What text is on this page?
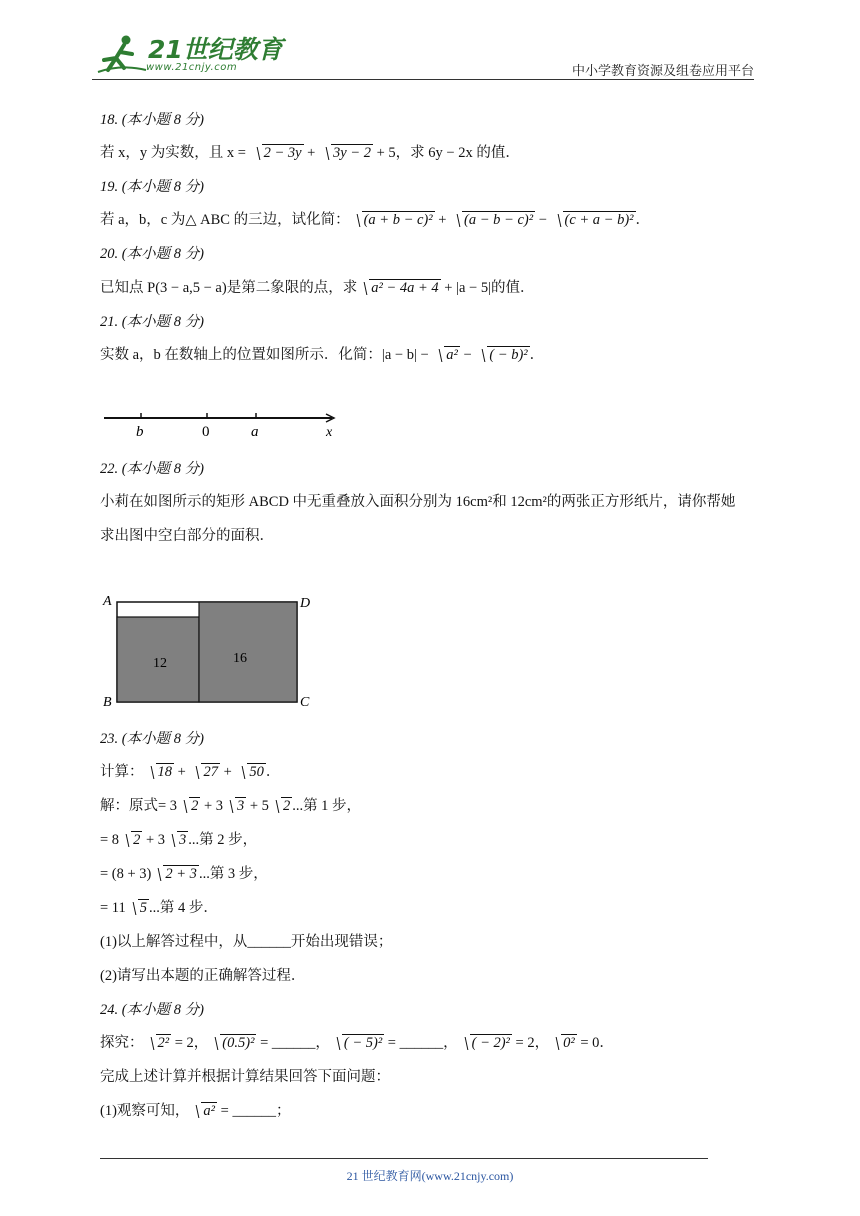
21世纪教育
www.21cnjy.com	中小学教育资源及组卷应用平台
18. (本小题 8 分)
若 x，y 为实数，且 x = 2 − 3y + 3y − 2 + 5，求 6y − 2x 的值．
19. (本小题 8 分)
若 a，b，c 为△ ABC 的三边，试化简： (a + b − c)² + (a − b − c)² − (c + a − b)² ．
20. (本小题 8 分)
已知点 P(3 − a,5 − a)是第二象限的点，求 a² − 4a + 4 + |a − 5|的值．
21. (本小题 8 分)
实数 a，b 在数轴上的位置如图所示．化简：|a − b| − a² − ( − b)² ．
b	0	a	x
22. (本小题 8 分)
小莉在如图所示的矩形 ABCD 中无重叠放入面积分别为 16cm²和 12cm²的两张正方形纸片，请你帮她
求出图中空白部分的面积．
A	D
B	C
12	16
23. (本小题 8 分)
计算： 18 + 27 + 50 ．
解：原式= 3 2 + 3 3 + 5 2 ...第 1 步，
= 8 2 + 3 3 ...第 2 步，
= (8 + 3) 2 + 3 ...第 3 步，
= 11 5 ...第 4 步．
(1)以上解答过程中，从______开始出现错误；
(2)请写出本题的正确解答过程．
24. (本小题 8 分)
探究： 2² = 2， (0.5)² = ______， ( − 5)² = ______， ( − 2)² = 2， 0² = 0．
完成上述计算并根据计算结果回答下面问题：
(1)观察可知， a² = ______；
21 世纪教育网(www.21cnjy.com)
